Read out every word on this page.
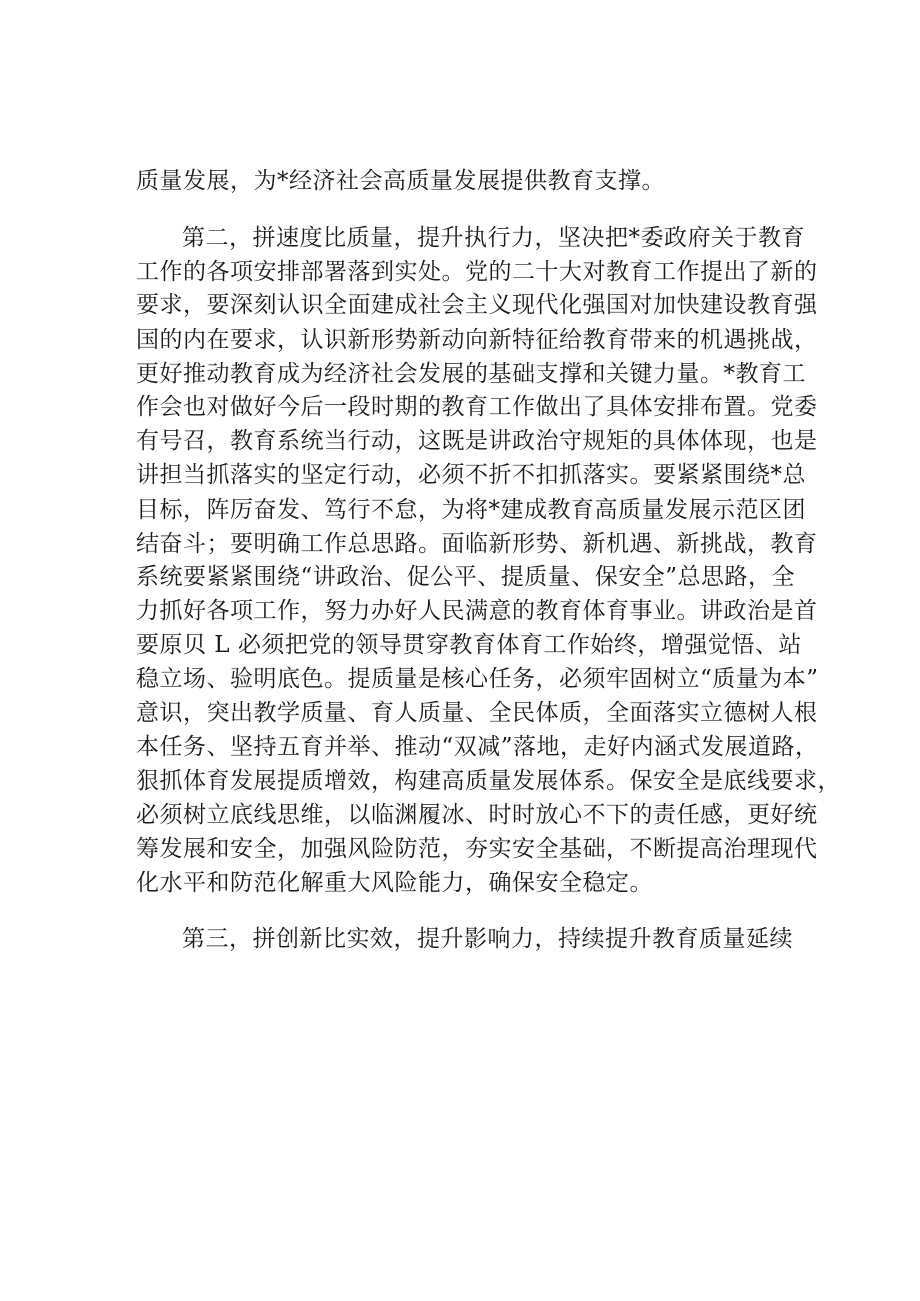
质量发展，为*经济社会高质量发展提供教育支撑。
第二，拼速度比质量，提升执行力，坚决把*委政府关于教育
工作的各项安排部署落到实处。党的二十大对教育工作提出了新的
要求，要深刻认识全面建成社会主义现代化强国对加快建设教育强
国的内在要求，认识新形势新动向新特征给教育带来的机遇挑战，
更好推动教育成为经济社会发展的基础支撑和关键力量。*教育工
作会也对做好今后一段时期的教育工作做出了具体安排布置。党委
有号召，教育系统当行动，这既是讲政治守规矩的具体体现，也是
讲担当抓落实的坚定行动，必须不折不扣抓落实。要紧紧围绕*总
目标，阵厉奋发、笃行不怠，为将*建成教育高质量发展示范区团
结奋斗；要明确工作总思路。面临新形势、新机遇、新挑战，教育
系统要紧紧围绕“讲政治、促公平、提质量、保安全”总思路，全
力抓好各项工作，努力办好人民满意的教育体育事业。讲政治是首
要原贝 L 必须把党的领导贯穿教育体育工作始终，增强觉悟、站
稳立场、验明底色。提质量是核心任务，必须牢固树立“质量为本”
意识，突出教学质量、育人质量、全民体质，全面落实立德树人根
本任务、坚持五育并举、推动“双减”落地，走好内涵式发展道路，
狠抓体育发展提质增效，构建高质量发展体系。保安全是底线要求，
必须树立底线思维，以临渊履冰、时时放心不下的责任感，更好统
筹发展和安全，加强风险防范，夯实安全基础，不断提高治理现代
化水平和防范化解重大风险能力，确保安全稳定。
第三，拼创新比实效，提升影响力，持续提升教育质量延续
